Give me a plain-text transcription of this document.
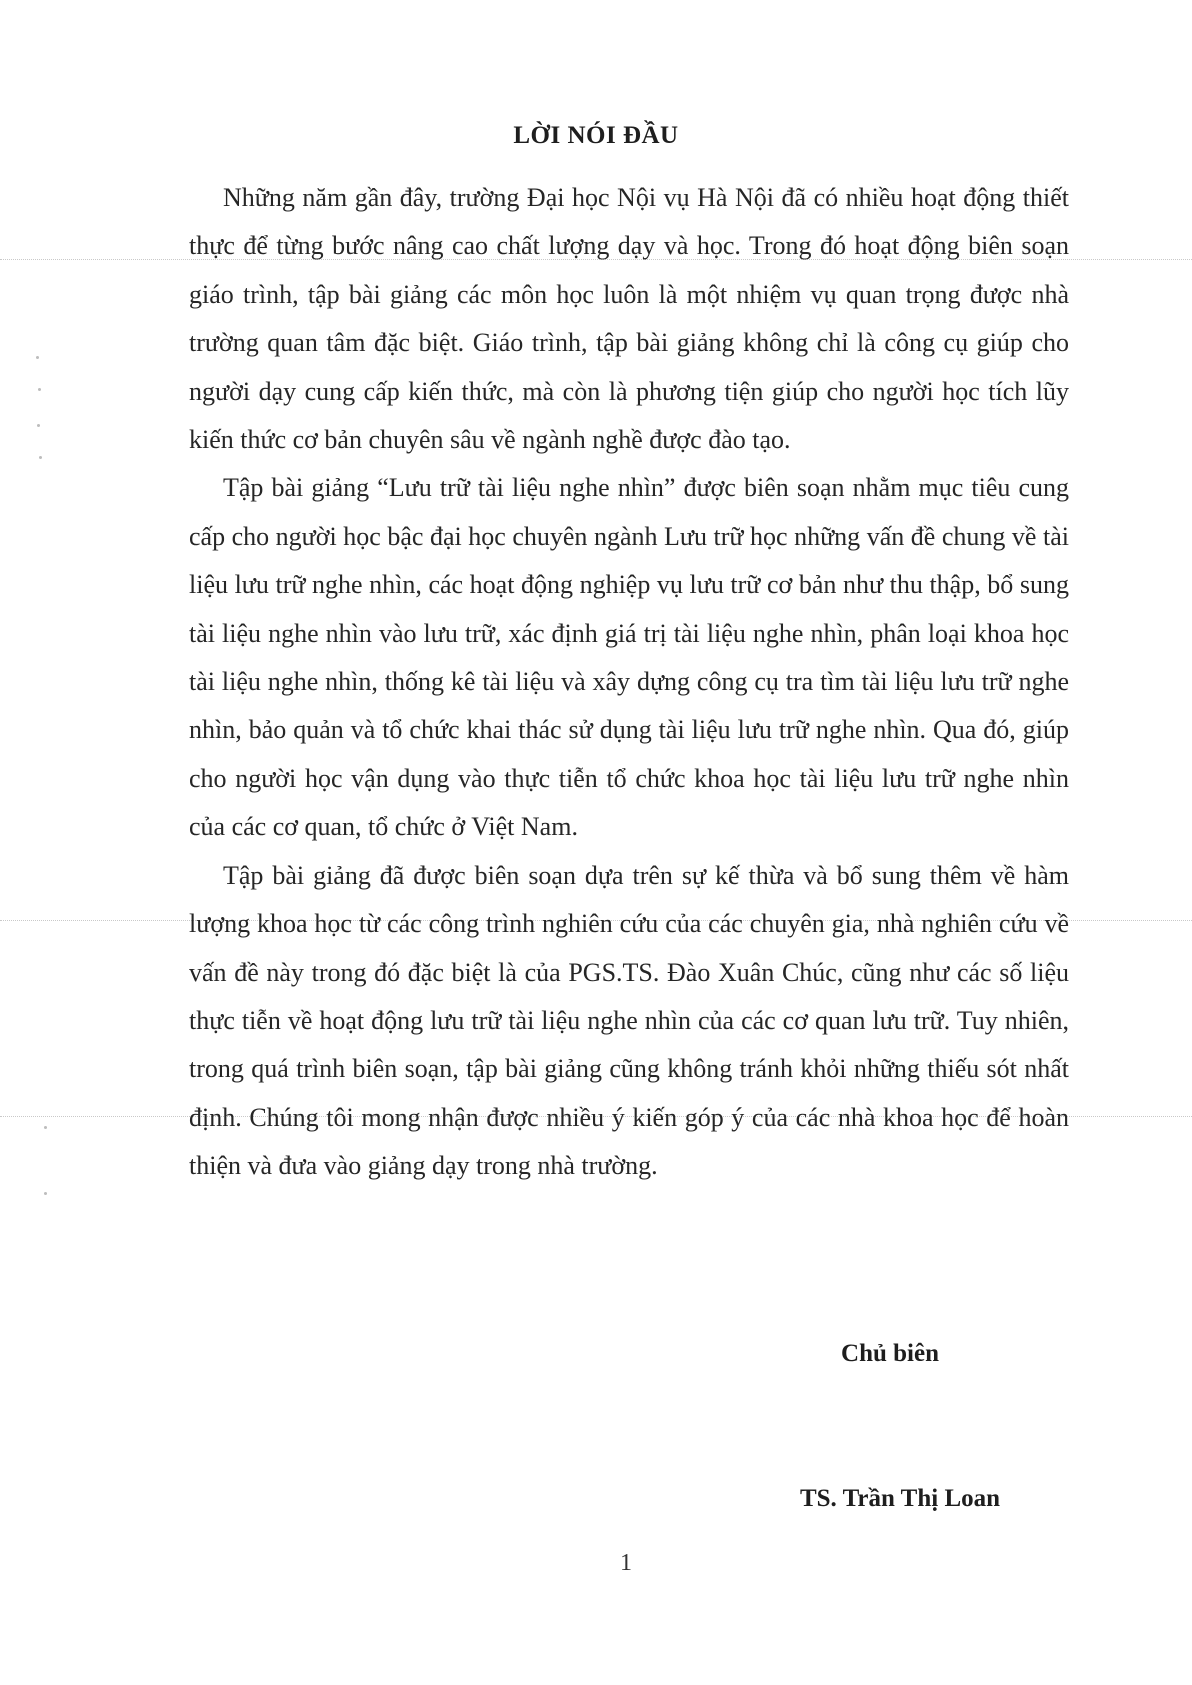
LỜI NÓI ĐẦU

Những năm gần đây, trường Đại học Nội vụ Hà Nội đã có nhiều hoạt động thiết thực để từng bước nâng cao chất lượng dạy và học. Trong đó hoạt động biên soạn giáo trình, tập bài giảng các môn học luôn là một nhiệm vụ quan trọng được nhà trường quan tâm đặc biệt. Giáo trình, tập bài giảng không chỉ là công cụ giúp cho người dạy cung cấp kiến thức, mà còn là phương tiện giúp cho người học tích lũy kiến thức cơ bản chuyên sâu về ngành nghề được đào tạo.

Tập bài giảng “Lưu trữ tài liệu nghe nhìn” được biên soạn nhằm mục tiêu cung cấp cho người học bậc đại học chuyên ngành Lưu trữ học những vấn đề chung về tài liệu lưu trữ nghe nhìn, các hoạt động nghiệp vụ lưu trữ cơ bản như thu thập, bổ sung tài liệu nghe nhìn vào lưu trữ, xác định giá trị tài liệu nghe nhìn, phân loại khoa học tài liệu nghe nhìn, thống kê tài liệu và xây dựng công cụ tra tìm tài liệu lưu trữ nghe nhìn, bảo quản và tổ chức khai thác sử dụng tài liệu lưu trữ nghe nhìn. Qua đó, giúp cho người học vận dụng vào thực tiễn tổ chức khoa học tài liệu lưu trữ nghe nhìn của các cơ quan, tổ chức ở Việt Nam.

Tập bài giảng đã được biên soạn dựa trên sự kế thừa và bổ sung thêm về hàm lượng khoa học từ các công trình nghiên cứu của các chuyên gia, nhà nghiên cứu về vấn đề này trong đó đặc biệt là của PGS.TS. Đào Xuân Chúc, cũng như các số liệu thực tiễn về hoạt động lưu trữ tài liệu nghe nhìn của các cơ quan lưu trữ. Tuy nhiên, trong quá trình biên soạn, tập bài giảng cũng không tránh khỏi những thiếu sót nhất định. Chúng tôi mong nhận được nhiều ý kiến góp ý của các nhà khoa học để hoàn thiện và đưa vào giảng dạy trong nhà trường.

Chủ biên

TS. Trần Thị Loan

1
